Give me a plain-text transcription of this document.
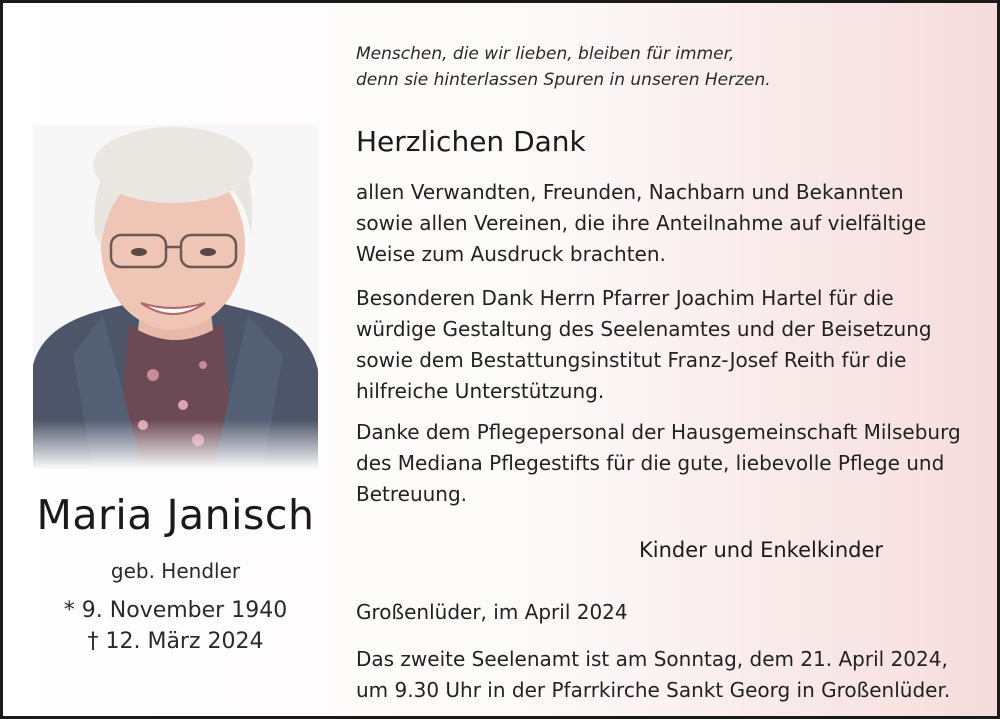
Menschen, die wir lieben, bleiben für immer,
denn sie hinterlassen Spuren in unseren Herzen.
Maria Janisch
geb. Hendler
* 9. November 1940
† 12. März 2024
Herzlichen Dank
allen Verwandten, Freunden, Nachbarn und Bekannten
sowie allen Vereinen, die ihre Anteilnahme auf vielfältige
Weise zum Ausdruck brachten.
Besonderen Dank Herrn Pfarrer Joachim Hartel für die
würdige Gestaltung des Seelenamtes und der Beisetzung
sowie dem Bestattungsinstitut Franz-Josef Reith für die
hilfreiche Unterstützung.
Danke dem Pflegepersonal der Hausgemeinschaft Milseburg
des Mediana Pflegestifts für die gute, liebevolle Pflege und
Betreuung.
Kinder und Enkelkinder
Großenlüder, im April 2024
Das zweite Seelenamt ist am Sonntag, dem 21. April 2024,
um 9.30 Uhr in der Pfarrkirche Sankt Georg in Großenlüder.
